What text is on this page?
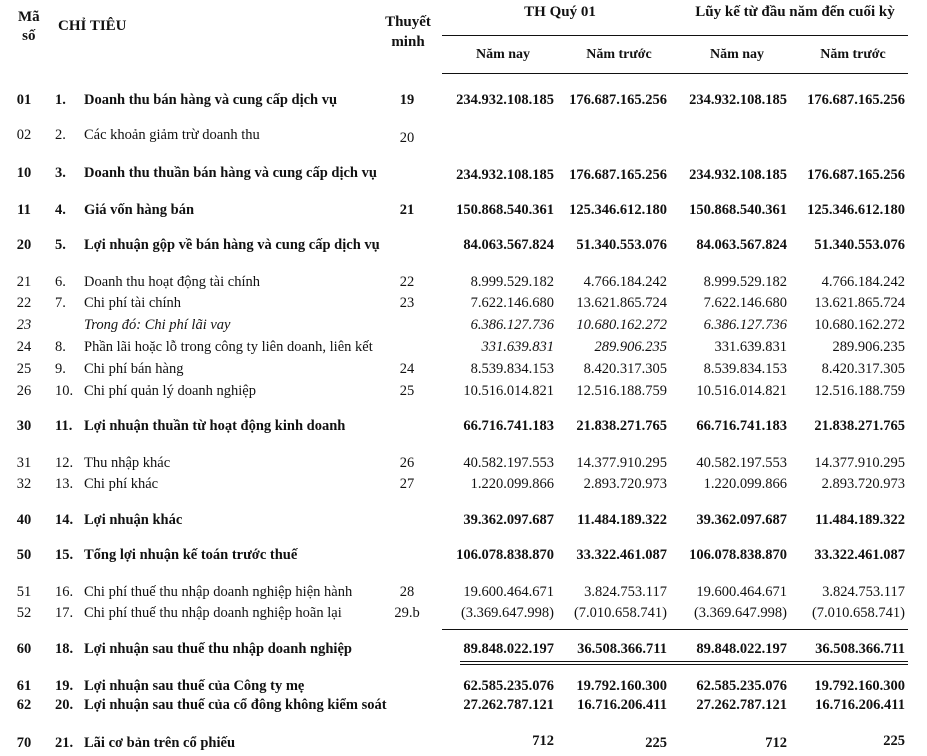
Mã
số
CHỈ TIÊU	Thuyết
minh
TH Quý 01	Lũy kế từ đầu năm đến cuối kỳ
Năm nay	Năm trước	Năm nay	Năm trước
01	1. Doanh thu bán hàng và cung cấp dịch vụ	19	234.932.108.185 176.687.165.256 234.932.108.185 176.687.165.256
02	2. Các khoản giảm trừ doanh thu	20
10	3. Doanh thu thuần bán hàng và cung cấp dịch vụ	234.932.108.185 176.687.165.256 234.932.108.185 176.687.165.256
11	4. Giá vốn hàng bán	21	150.868.540.361 125.346.612.180 150.868.540.361 125.346.612.180
20	5. Lợi nhuận gộp về bán hàng và cung cấp dịch vụ	84.063.567.824 51.340.553.076 84.063.567.824 51.340.553.076
21	6. Doanh thu hoạt động tài chính	22	8.999.529.182 4.766.184.242	8.999.529.182 4.766.184.242
22	7. Chi phí tài chính	23	7.622.146.680 13.621.865.724	7.622.146.680 13.621.865.724
23	Trong đó: Chi phí lãi vay	6.386.127.736 10.680.162.272	6.386.127.736 10.680.162.272
24	8. Phần lãi hoặc lỗ trong công ty liên doanh, liên kết	331.639.831	289.906.235	331.639.831	289.906.235
25	9. Chi phí bán hàng	24	8.539.834.153 8.420.317.305	8.539.834.153 8.420.317.305
26	10. Chi phí quản lý doanh nghiệp	25	10.516.014.821 12.516.188.759 10.516.014.821 12.516.188.759
30	11. Lợi nhuận thuần từ hoạt động kinh doanh	66.716.741.183 21.838.271.765 66.716.741.183 21.838.271.765
31	12. Thu nhập khác	26	40.582.197.553 14.377.910.295 40.582.197.553 14.377.910.295
32	13. Chi phí khác	27	1.220.099.866 2.893.720.973	1.220.099.866 2.893.720.973
40	14. Lợi nhuận khác	39.362.097.687 11.484.189.322 39.362.097.687 11.484.189.322
50	15. Tổng lợi nhuận kế toán trước thuế	106.078.838.870 33.322.461.087 106.078.838.870 33.322.461.087
51	16. Chi phí thuế thu nhập doanh nghiệp hiện hành	28	19.600.464.671 3.824.753.117 19.600.464.671 3.824.753.117
52	17. Chi phí thuế thu nhập doanh nghiệp hoãn lại	29.b	(3.369.647.998) (7.010.658.741) (3.369.647.998) (7.010.658.741)
60	18. Lợi nhuận sau thuế thu nhập doanh nghiệp	89.848.022.197 36.508.366.711 89.848.022.197 36.508.366.711
61	19. Lợi nhuận sau thuế của Công ty mẹ	62.585.235.076 19.792.160.300 62.585.235.076 19.792.160.300
62	20. Lợi nhuận sau thuế của cổ đông không kiểm soát	27.262.787.121 16.716.206.411 27.262.787.121 16.716.206.411
70	21. Lãi cơ bản trên cổ phiếu	712	225	712	225
